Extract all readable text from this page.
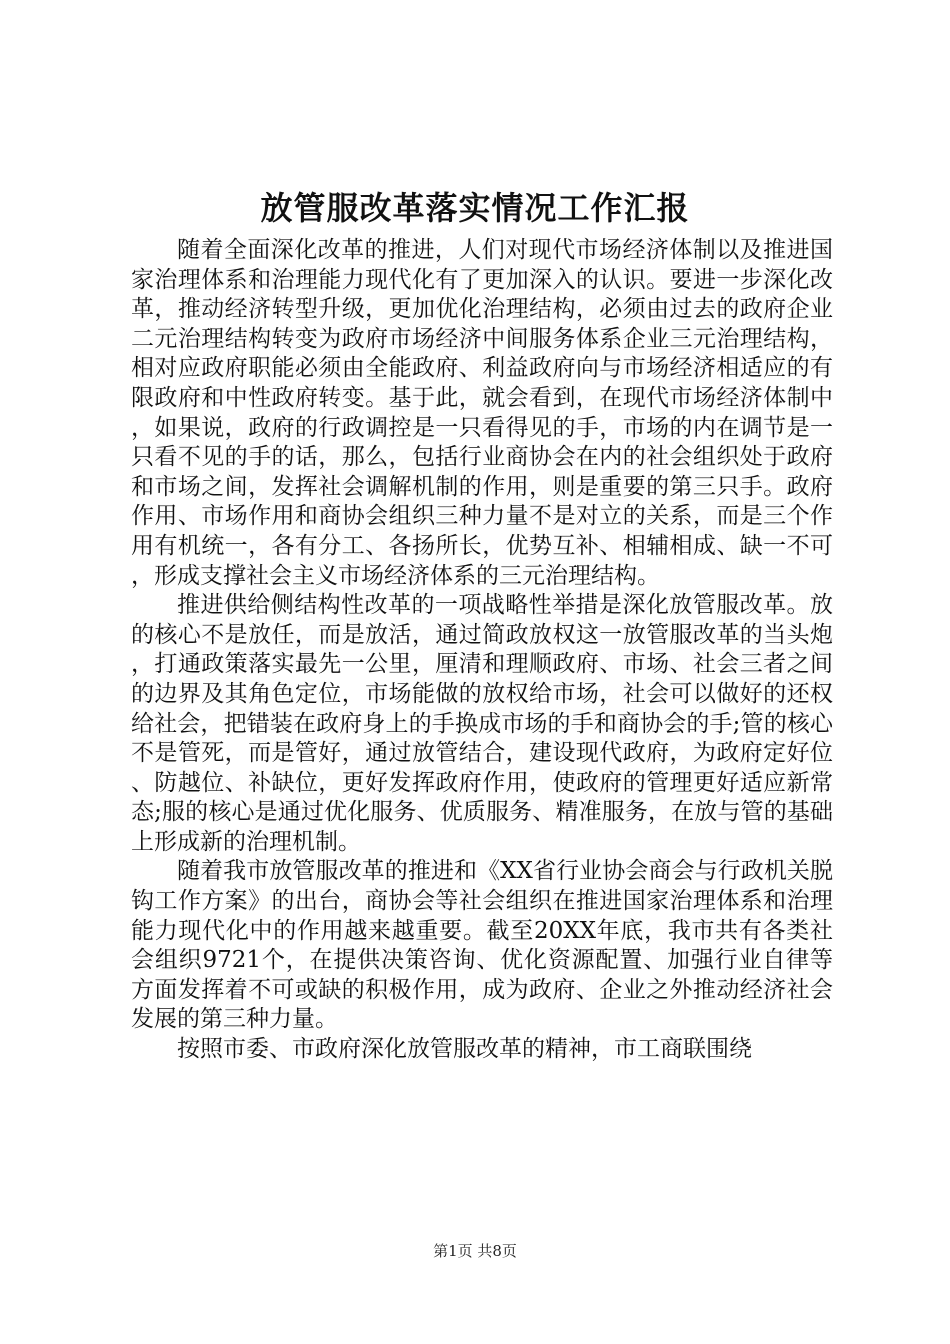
放管服改革落实情况工作汇报

随着全面深化改革的推进，人们对现代市场经济体制以及推进国家治理体系和治理能力现代化有了更加深入的认识。要进一步深化改革，推动经济转型升级，更加优化治理结构，必须由过去的政府企业二元治理结构转变为政府市场经济中间服务体系企业三元治理结构，相对应政府职能必须由全能政府、利益政府向与市场经济相适应的有限政府和中性政府转变。基于此，就会看到，在现代市场经济体制中，如果说，政府的行政调控是一只看得见的手，市场的内在调节是一只看不见的手的话，那么，包括行业商协会在内的社会组织处于政府和市场之间，发挥社会调解机制的作用，则是重要的第三只手。政府作用、市场作用和商协会组织三种力量不是对立的关系，而是三个作用有机统一，各有分工、各扬所长，优势互补、相辅相成、缺一不可，形成支撑社会主义市场经济体系的三元治理结构。

推进供给侧结构性改革的一项战略性举措是深化放管服改革。放的核心不是放任，而是放活，通过简政放权这一放管服改革的当头炮，打通政策落实最先一公里，厘清和理顺政府、市场、社会三者之间的边界及其角色定位，市场能做的放权给市场，社会可以做好的还权给社会，把错装在政府身上的手换成市场的手和商协会的手;管的核心不是管死，而是管好，通过放管结合，建设现代政府，为政府定好位、防越位、补缺位，更好发挥政府作用，使政府的管理更好适应新常态;服的核心是通过优化服务、优质服务、精准服务，在放与管的基础上形成新的治理机制。

随着我市放管服改革的推进和《XX省行业协会商会与行政机关脱钩工作方案》的出台，商协会等社会组织在推进国家治理体系和治理能力现代化中的作用越来越重要。截至20XX年底，我市共有各类社会组织9721个，在提供决策咨询、优化资源配置、加强行业自律等方面发挥着不可或缺的积极作用，成为政府、企业之外推动经济社会发展的第三种力量。

按照市委、市政府深化放管服改革的精神，市工商联围绕

第1页 共8页
